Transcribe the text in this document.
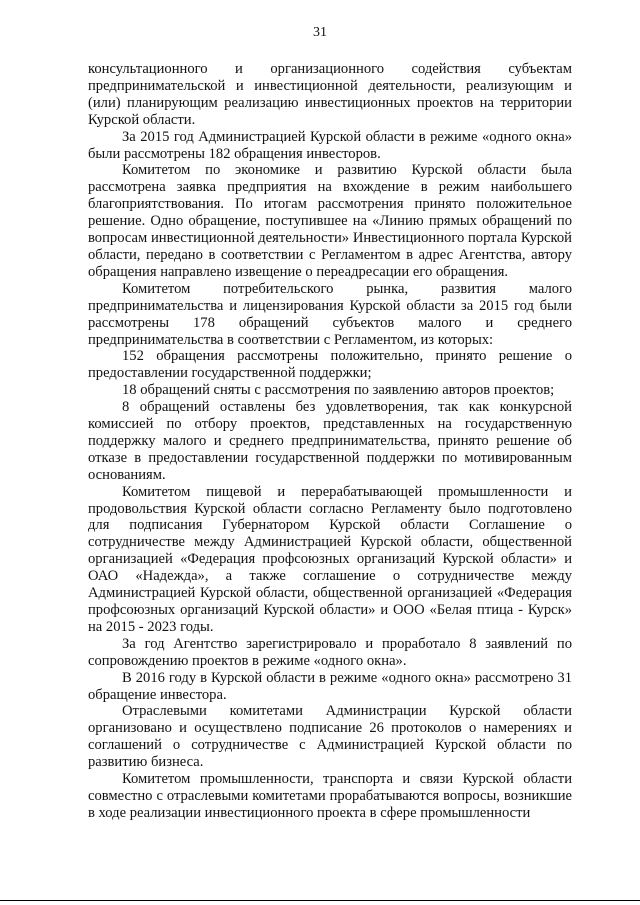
31

консультационного и организационного содействия субъектам предпринимательской и инвестиционной деятельности, реализующим и (или) планирующим реализацию инвестиционных проектов на территории Курской области.

За 2015 год Администрацией Курской области в режиме «одного окна» были рассмотрены 182 обращения инвесторов.

Комитетом по экономике и развитию Курской области была рассмотрена заявка предприятия на вхождение в режим наибольшего благоприятствования. По итогам рассмотрения принято положительное решение. Одно обращение, поступившее на «Линию прямых обращений по вопросам инвестиционной деятельности» Инвестиционного портала Курской области, передано в соответствии с Регламентом в адрес Агентства, автору обращения направлено извещение о переадресации его обращения.

Комитетом потребительского рынка, развития малого предпринимательства и лицензирования Курской области за 2015 год были рассмотрены 178 обращений субъектов малого и среднего предпринимательства в соответствии с Регламентом, из которых:

152 обращения рассмотрены положительно, принято решение о предоставлении государственной поддержки;

18 обращений сняты с рассмотрения по заявлению авторов проектов;

8 обращений оставлены без удовлетворения, так как конкурсной комиссией по отбору проектов, представленных на государственную поддержку малого и среднего предпринимательства, принято решение об отказе в предоставлении государственной поддержки по мотивированным основаниям.

Комитетом пищевой и перерабатывающей промышленности и продовольствия Курской области согласно Регламенту было подготовлено для подписания Губернатором Курской области Соглашение о сотрудничестве между Администрацией Курской области, общественной организацией «Федерация профсоюзных организаций Курской области» и ОАО «Надежда», а также соглашение о сотрудничестве между Администрацией Курской области, общественной организацией «Федерация профсоюзных организаций Курской области» и ООО «Белая птица - Курск» на 2015 - 2023 годы.

За год Агентство зарегистрировало и проработало 8 заявлений по сопровождению проектов в режиме «одного окна».

В 2016 году в Курской области в режиме «одного окна» рассмотрено 31 обращение инвестора.

Отраслевыми комитетами Администрации Курской области организовано и осуществлено подписание 26 протоколов о намерениях и соглашений о сотрудничестве с Администрацией Курской области по развитию бизнеса.

Комитетом промышленности, транспорта и связи Курской области совместно с отраслевыми комитетами прорабатываются вопросы, возникшие в ходе реализации инвестиционного проекта в сфере промышленности
